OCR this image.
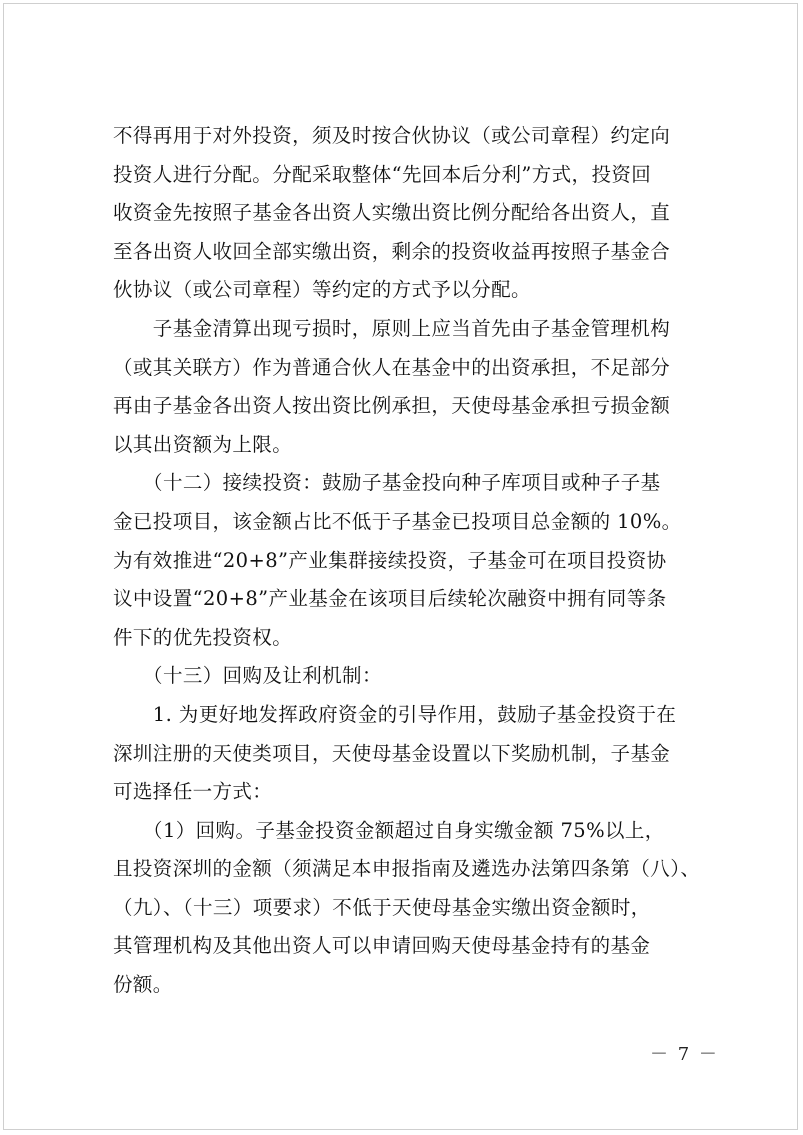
不得再用于对外投资，须及时按合伙协议（或公司章程）约定向
投资人进行分配。分配采取整体“先回本后分利”方式，投资回
收资金先按照子基金各出资人实缴出资比例分配给各出资人，直
至各出资人收回全部实缴出资，剩余的投资收益再按照子基金合
伙协议（或公司章程）等约定的方式予以分配。
　　子基金清算出现亏损时，原则上应当首先由子基金管理机构
（或其关联方）作为普通合伙人在基金中的出资承担，不足部分
再由子基金各出资人按出资比例承担，天使母基金承担亏损金额
以其出资额为上限。
　　（十二）接续投资：鼓励子基金投向种子库项目或种子子基
金已投项目，该金额占比不低于子基金已投项目总金额的 10%。
为有效推进“20+8”产业集群接续投资，子基金可在项目投资协
议中设置“20+8”产业基金在该项目后续轮次融资中拥有同等条
件下的优先投资权。
　　（十三）回购及让利机制：
　　1. 为更好地发挥政府资金的引导作用，鼓励子基金投资于在
深圳注册的天使类项目，天使母基金设置以下奖励机制，子基金
可选择任一方式：
　　（1）回购。子基金投资金额超过自身实缴金额 75%以上，
且投资深圳的金额（须满足本申报指南及遴选办法第四条第（八）、
（九）、（十三）项要求）不低于天使母基金实缴出资金额时，
其管理机构及其他出资人可以申请回购天使母基金持有的基金
份额。
－ 7 －
